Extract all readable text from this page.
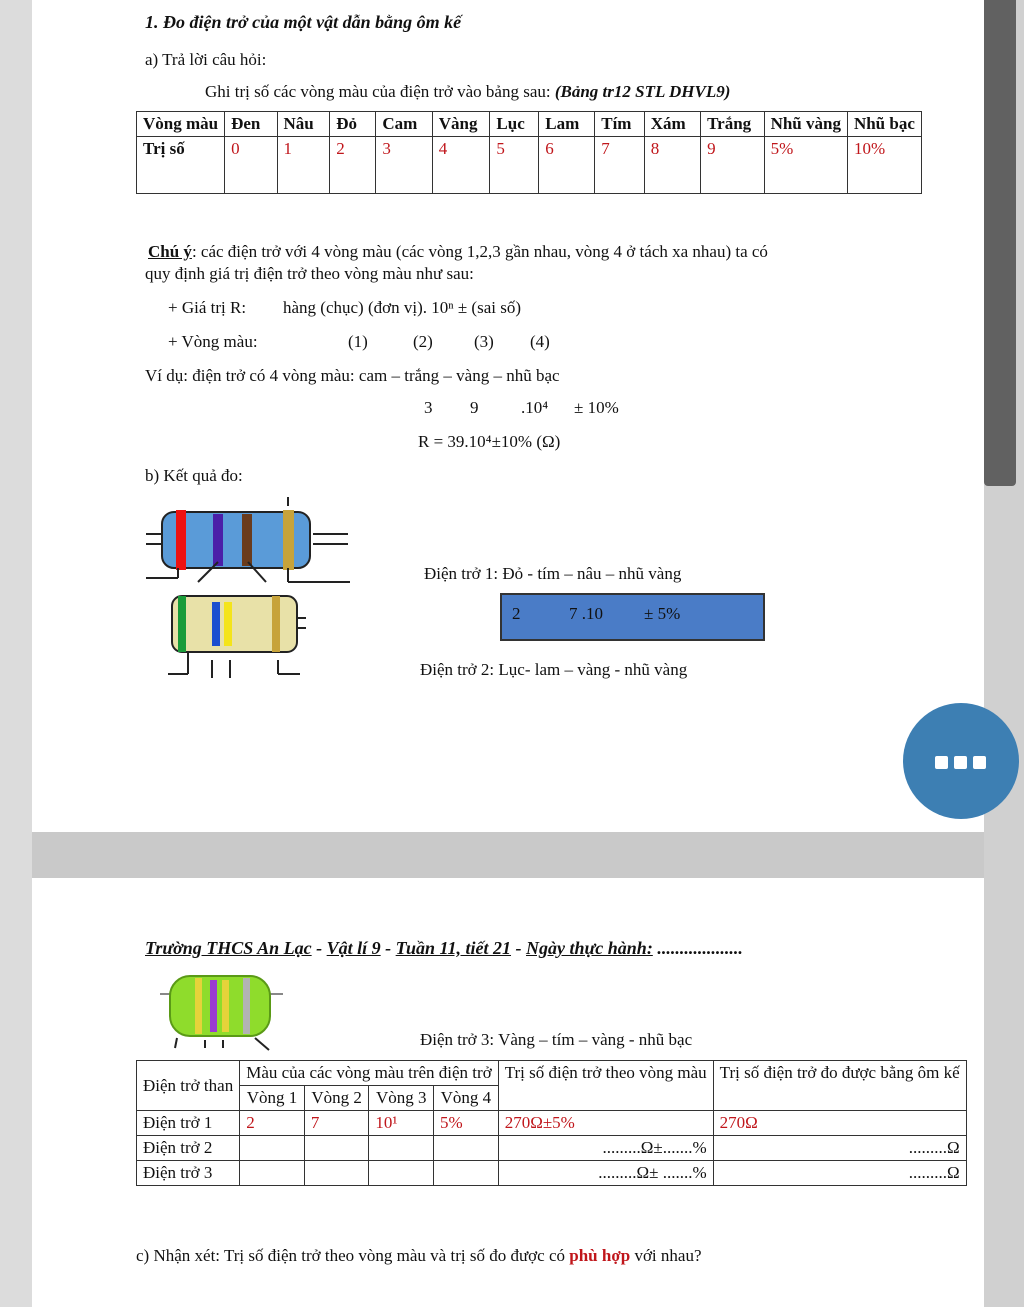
1. Đo điện trở của một vật dẫn bằng ôm kế
a) Trả lời câu hỏi:
Ghi trị số các vòng màu của điện trở vào bảng sau: (Bảng tr12 STL DHVL9)
Vòng màu	Đen	Nâu	Đỏ	Cam	Vàng	Lục	Lam	Tím	Xám	Trắng	Nhũ vàng	Nhũ bạc
Trị số	0	1	2	3	4	5	6	7	8	9	5%	10%
Chú ý: các điện trở với 4 vòng màu (các vòng 1,2,3 gần nhau, vòng 4 ở tách xa nhau) ta có
quy định giá trị điện trở theo vòng màu như sau:
+ Giá trị R: hàng (chục) (đơn vị). 10ⁿ ± (sai số)
+ Vòng màu:	(1)	(2) (3) (4)
Ví dụ: điện trở có 4 vòng màu: cam – trắng – vàng – nhũ bạc
3 9	.10⁴ ± 10%
R = 39.10⁴±10% (Ω)
b) Kết quả đo:
Điện trở 1: Đỏ - tím – nâu – nhũ vàng
2	7 .10 ± 5%
Điện trở 2: Lục- lam – vàng - nhũ vàng
Trường THCS An Lạc - Vật lí 9 - Tuần 11, tiết 21 - Ngày thực hành: ...................
Điện trở 3: Vàng – tím – vàng - nhũ bạc
Điện trở than	Màu của các vòng màu trên điện trở				Trị số điện trở theo vòng màu	Trị số điện trở đo được bằng ôm kế
	Vòng 1	Vòng 2	Vòng 3	Vòng 4		
Điện trở 1	2	7	10¹	5%	270Ω±5%	270Ω
Điện trở 2					.........Ω±.......%	.........Ω
Điện trở 3					.........Ω± .......%	.........Ω
c) Nhận xét: Trị số điện trở theo vòng màu và trị số đo được có phù hợp với nhau?
